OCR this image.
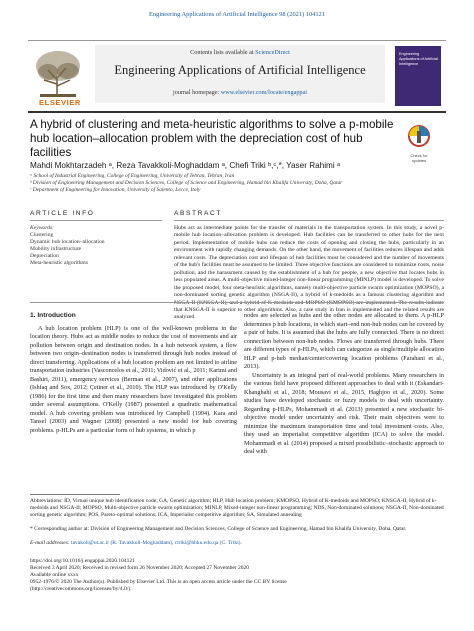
Engineering Applications of Artificial Intelligence 98 (2021) 104121
ELSEVIER
Contents lists available at ScienceDirect
Engineering Applications of Artificial Intelligence
journal homepage: www.elsevier.com/locate/engappai
Engineering Applications of Artificial Intelligence
A hybrid of clustering and meta-heuristic algorithms to solve a p-mobile hub location–allocation problem with the depreciation cost of hub facilities	Check for updates
Mahdi Mokhtarzadeh ᵃ, Reza Tavakkoli-Moghaddam ᵃ, Chefi Triki ᵇ,ᶜ,*, Yaser Rahimi ᵃ
ᵃ School of Industrial Engineering, College of Engineering, University of Tehran, Tehran, Iran
ᵇ Division of Engineering Management and Decision Sciences, College of Science and Engineering, Hamad bin Khalifa University, Doha, Qatar
ᶜ Department of Engineering for Innovation, University of Salento, Lecce, Italy
ARTICLE INFO	ABSTRACT
Keywords:
Clustering
Dynamic hub location–allocation
Mobility infrastructure
Depreciation
Meta-heuristic algorithms
Hubs act as intermediate points for the transfer of materials in the transportation system. In this study, a novel p-mobile hub location–allocation problem is developed. Hub facilities can be transferred to other hubs for the next period. Implementation of mobile hubs can reduce the costs of opening and closing the hubs, particularly in an environment with rapidly changing demands. On the other hand, the movement of facilities reduces lifespan and adds relevant costs. The depreciation cost and lifespan of hub facilities must be considered and the number of movements of the hub's facilities must be assumed to be limited. Three objective functions are considered to minimize costs, noise pollution, and the harassment caused by the establishment of a hub for people, a new objective that locates hubs in less populated areas. A multi-objective mixed-integer non-linear programming (MINLP) model is developed. To solve the proposed model, four meta-heuristic algorithms, namely multi-objective particle swarm optimization (MOPSO), a non-dominated sorting genetic algorithm (NSGA-II), a hybrid of k-medoids as a famous clustering algorithm and NSGA-II (KNSGA-II), and a hybrid of K-medoids and MOPSO (KMOPSO) are implemented. The results indicate that KNSGA-II is superior to other algorithms. Also, a case study in Iran is implemented and the related results are analyzed.
1. Introduction

A hub location problem (HLP) is one of the well-known problems in the location theory. Hubs act as middle nodes to reduce the cost of movements and air pollution between origin and destination nodes. In a hub network system, a flow between two origin–destination nodes is transferred through hub nodes instead of direct transferring. Applications of a hub location problem are not limited to airline transportation industries (Vasconcelos et al., 2011; Vidović et al., 2011; Karimi and Bashiri, 2011), emergency services (Berman et al., 2007), and other applications (Ishfaq and Sox, 2012; Çetiner et al., 2010). The HLP was introduced by O'Kelly (1986) for the first time and then many researchers have investigated this problem under several assumptions. O'Kelly (1987) presented a quadratic mathematical model. A hub covering problem was introduced by Campbell (1994). Kara and Tansel (2003) and Wagner (2008) presented a new model for hub covering problems. p-HLPs are a particular form of hub systems, in which p

nodes are selected as hubs and the other nodes are allocated to them. A p-HLP determines p hub locations, in which start–end non-hub nodes can be covered by a pair of hubs. It is assumed that the hubs are fully connected. There is no direct connection between non-hub nodes. Flows are transferred through hubs. There are different types of p-HLPs, which can categorize as single/multiple allocation HLP and p-hub median/center/covering location problems (Farahani et al., 2013).

Uncertainty is an integral part of real-world problems. Many researchers in the various field have proposed different approaches to deal with it (Eskandari-Khanghahi et al., 2018; Mousavi et al., 2015, Haghjoo et al., 2020). Some studies have developed stochastic or fuzzy models to deal with uncertainty. Regarding p-HLPs, Mohammadi et al. (2013) presented a new stochastic bi-objective model under uncertainty and risk. Their main objectives were to minimize the maximum transportation time and total investment costs. Also, they used an imperialist competitive algorithm (ICA) to solve the model. Mohammadi et al. (2014) proposed a mixed possibilistic–stochastic approach to deal with

Abbreviations: ID, Virtual unique hub identification code; GA, Genetic algorithm; HLP, Hub location problem; KMOPSO, Hybrid of K-medoids and MOPSO; KNSGA-II, Hybrid of k-medoids and NSGA-II; MOPSO, Multi-objective particle swarm optimization; MINLP, Mixed-integer non-linear programming; NDS, Non-dominated solutions; NSGA-II, Non-dominated sorting genetic algorithm; POS, Pareto-optimal solutions; ICA, Imperialist competitive algorithm; SA, Simulated annealing
* Corresponding author at: Division of Engineering Management and Decision Sciences, College of Science and Engineering, Hamad bin Khalifa University, Doha, Qatar.
E-mail addresses: tavakoli@ut.ac.ir (R. Tavakkoli-Moghaddam), ctriki@hbku.edu.qa (C. Triki).
https://doi.org/10.1016/j.engappai.2020.104121
Received 3 April 2020; Received in revised form 26 November 2020; Accepted 27 November 2020
Available online xxxx
0952-1976/© 2020 The Author(s). Published by Elsevier Ltd. This is an open access article under the CC BY license
(http://creativecommons.org/licenses/by/4.0/).
